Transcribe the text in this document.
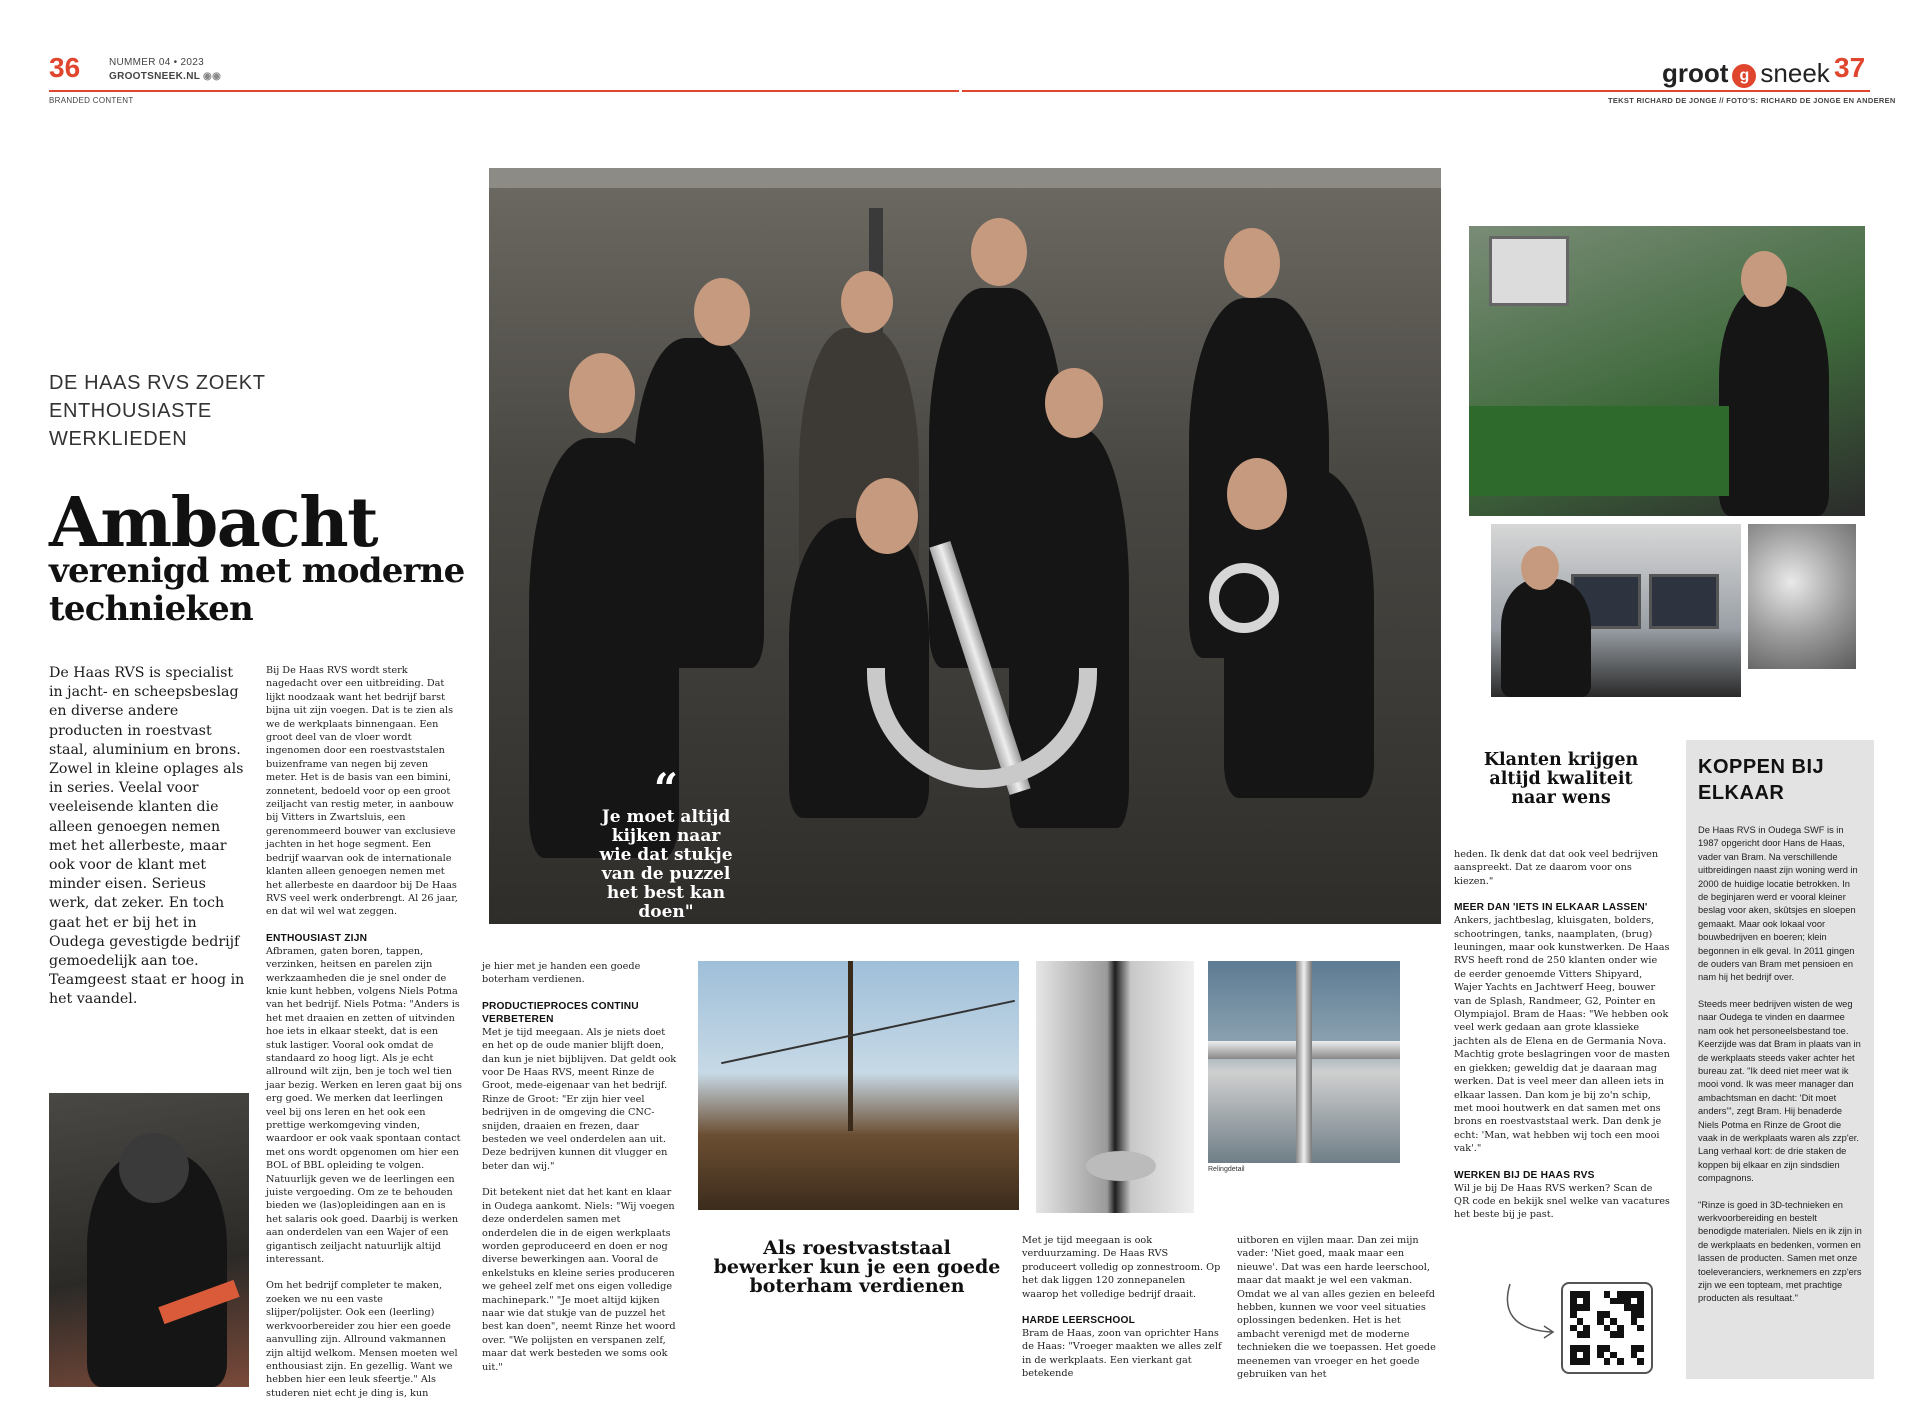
36	NUMMER 04 • 2023
GROOTSNEEK.NL ◉◉
BRANDED CONTENT
groot g sneek 37
TEKST RICHARD DE JONGE // FOTO'S: RICHARD DE JONGE EN ANDEREN
DE HAAS RVS ZOEKT ENTHOUSIASTE WERKLIEDEN
Ambacht
verenigd met moderne technieken
De Haas RVS is specialist in jacht- en scheepsbeslag en diverse andere producten in roestvast staal, aluminium en brons. Zowel in kleine oplages als in series. Veelal voor veeleisende klanten die alleen genoegen nemen met het allerbeste, maar ook voor de klant met minder eisen. Serieus werk, dat zeker. En toch gaat het er bij het in Oudega gevestigde bedrijf gemoedelijk aan toe. Teamgeest staat er hoog in het vaandel.

Bij De Haas RVS wordt sterk nagedacht over een uitbreiding. Dat lijkt noodzaak want het bedrijf barst bijna uit zijn voegen. Dat is te zien als we de werkplaats binnengaan. Een groot deel van de vloer wordt ingenomen door een roestvaststalen buizenframe van negen bij zeven meter. Het is de basis van een bimini, zonnetent, bedoeld voor op een groot zeiljacht van restig meter, in aanbouw bij Vitters in Zwartsluis, een gerenommeerd bouwer van exclusieve jachten in het hoge segment. Een bedrijf waarvan ook de internationale klanten alleen genoegen nemen met het allerbeste en daardoor bij De Haas RVS veel werk onderbrengt. Al 26 jaar, en dat wil wel wat zeggen.

ENTHOUSIAST ZIJN

Afbramen, gaten boren, tappen, verzinken, heitsen en parelen zijn werkzaamheden die je snel onder de knie kunt hebben, volgens Niels Potma van het bedrijf. Niels Potma: "Anders is het met draaien en zetten of uitvinden hoe iets in elkaar steekt, dat is een stuk lastiger. Vooral ook omdat de standaard zo hoog ligt. Als je echt allround wilt zijn, ben je toch wel tien jaar bezig. Werken en leren gaat bij ons erg goed. We merken dat leerlingen veel bij ons leren en het ook een prettige werkomgeving vinden, waardoor er ook vaak spontaan contact met ons wordt opgenomen om hier een BOL of BBL opleiding te volgen. Natuurlijk geven we de leerlingen een juiste vergoeding. Om ze te behouden bieden we (las)opleidingen aan en is het salaris ook goed. Daarbij is werken aan onderdelen van een Wajer of een gigantisch zeiljacht natuurlijk altijd interessant.

Om het bedrijf completer te maken, zoeken we nu een vaste slijper/polijster. Ook een (leerling) werkvoorbereider zou hier een goede aanvulling zijn. Allround vakmannen zijn altijd welkom. Mensen moeten wel enthousiast zijn. En gezellig. Want we hebben hier een leuk sfeertje." Als studeren niet echt je ding is, kun

“
Je moet altijd kijken naar wie dat stukje van de puzzel het best kan doen"
Relingdetail

je hier met je handen een goede boterham verdienen.

PRODUCTIEPROCES CONTINU VERBETEREN

Met je tijd meegaan. Als je niets doet en het op de oude manier blijft doen, dan kun je niet bijblijven. Dat geldt ook voor De Haas RVS, meent Rinze de Groot, mede-eigenaar van het bedrijf. Rinze de Groot: "Er zijn hier veel bedrijven in de omgeving die CNC-snijden, draaien en frezen, daar besteden we veel onderdelen aan uit. Deze bedrijven kunnen dit vlugger en beter dan wij."

Dit betekent niet dat het kant en klaar in Oudega aankomt. Niels: "Wij voegen deze onderdelen samen met onderdelen die in de eigen werkplaats worden geproduceerd en doen er nog diverse bewerkingen aan. Vooral de enkelstuks en kleine series produceren we geheel zelf met ons eigen volledige machinepark." "Je moet altijd kijken naar wie dat stukje van de puzzel het best kan doen", neemt Rinze het woord over. "We polijsten en verspanen zelf, maar dat werk besteden we soms ook uit."

Als roestvaststaal bewerker kun je een goede boterham verdienen

Met je tijd meegaan is ook verduurzaming. De Haas RVS produceert volledig op zonnestroom. Op het dak liggen 120 zonnepanelen waarop het volledige bedrijf draait.

HARDE LEERSCHOOL

Bram de Haas, zoon van oprichter Hans de Haas: "Vroeger maakten we alles zelf in de werkplaats. Een vierkant gat betekende

uitboren en vijlen maar. Dan zei mijn vader: 'Niet goed, maak maar een nieuwe'. Dat was een harde leerschool, maar dat maakt je wel een vakman. Omdat we al van alles gezien en beleefd hebben, kunnen we voor veel situaties oplossingen bedenken. Het is het ambacht verenigd met de moderne technieken die we toepassen. Het goede meenemen van vroeger en het goede gebruiken van het

Klanten krijgen altijd kwaliteit naar wens

heden. Ik denk dat dat ook veel bedrijven aanspreekt. Dat ze daarom voor ons kiezen."

MEER DAN 'IETS IN ELKAAR LASSEN'

Ankers, jachtbeslag, kluisgaten, bolders, schootringen, tanks, naamplaten, (brug) leuningen, maar ook kunstwerken. De Haas RVS heeft rond de 250 klanten onder wie de eerder genoemde Vitters Shipyard, Wajer Yachts en Jachtwerf Heeg, bouwer van de Splash, Randmeer, G2, Pointer en Olympiajol. Bram de Haas: "We hebben ook veel werk gedaan aan grote klassieke jachten als de Elena en de Germania Nova. Machtig grote beslagringen voor de masten en giekken; geweldig dat je daaraan mag werken. Dat is veel meer dan alleen iets in elkaar lassen. Dan kom je bij zo'n schip, met mooi houtwerk en dat samen met ons brons en roestvaststaal werk. Dan denk je echt: 'Man, wat hebben wij toch een mooi vak'."

WERKEN BIJ DE HAAS RVS

Wil je bij De Haas RVS werken? Scan de QR code en bekijk snel welke van vacatures het beste bij je past.

KOPPEN BIJ ELKAAR

De Haas RVS in Oudega SWF is in 1987 opgericht door Hans de Haas, vader van Bram. Na verschillende uitbreidingen naast zijn woning werd in 2000 de huidige locatie betrokken. In de beginjaren werd er vooral kleiner beslag voor aken, skûtsjes en sloepen gemaakt. Maar ook lokaal voor bouwbedrijven en boeren; klein begonnen in elk geval. In 2011 gingen de ouders van Bram met pensioen en nam hij het bedrijf over.

Steeds meer bedrijven wisten de weg naar Oudega te vinden en daarmee nam ook het personeelsbestand toe. Keerzijde was dat Bram in plaats van in de werkplaats steeds vaker achter het bureau zat. "Ik deed niet meer wat ik mooi vond. Ik was meer manager dan ambachtsman en dacht: 'Dit moet anders'", zegt Bram. Hij benaderde Niels Potma en Rinze de Groot die vaak in de werkplaats waren als zzp'er. Lang verhaal kort: de drie staken de koppen bij elkaar en zijn sindsdien compagnons.

"Rinze is goed in 3D-technieken en werkvoorbereiding en bestelt benodigde materialen. Niels en ik zijn in de werkplaats en bedenken, vormen en lassen de producten. Samen met onze toeleveranciers, werknemers en zzp'ers zijn we een topteam, met prachtige producten als resultaat."
